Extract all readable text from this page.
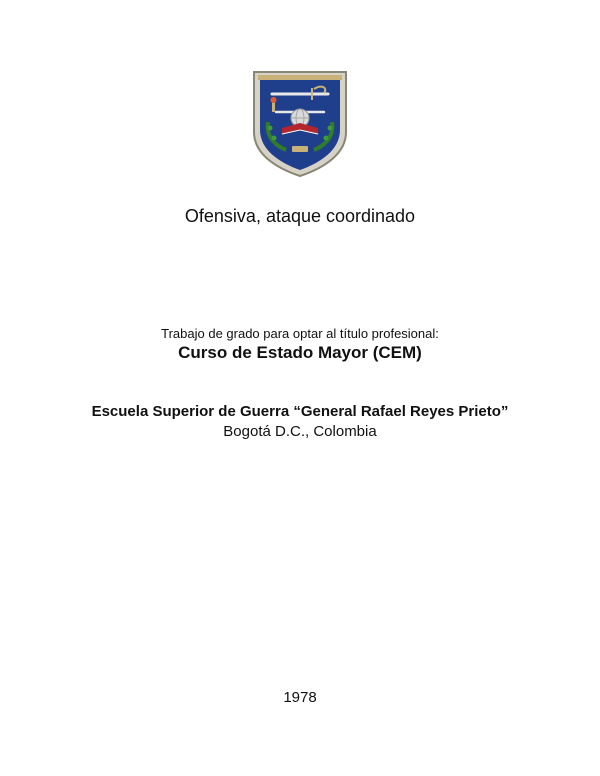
Ofensiva, ataque coordinado
Trabajo de grado para optar al título profesional:
Curso de Estado Mayor (CEM)
Escuela Superior de Guerra “General Rafael Reyes Prieto”
Bogotá D.C., Colombia
1978
